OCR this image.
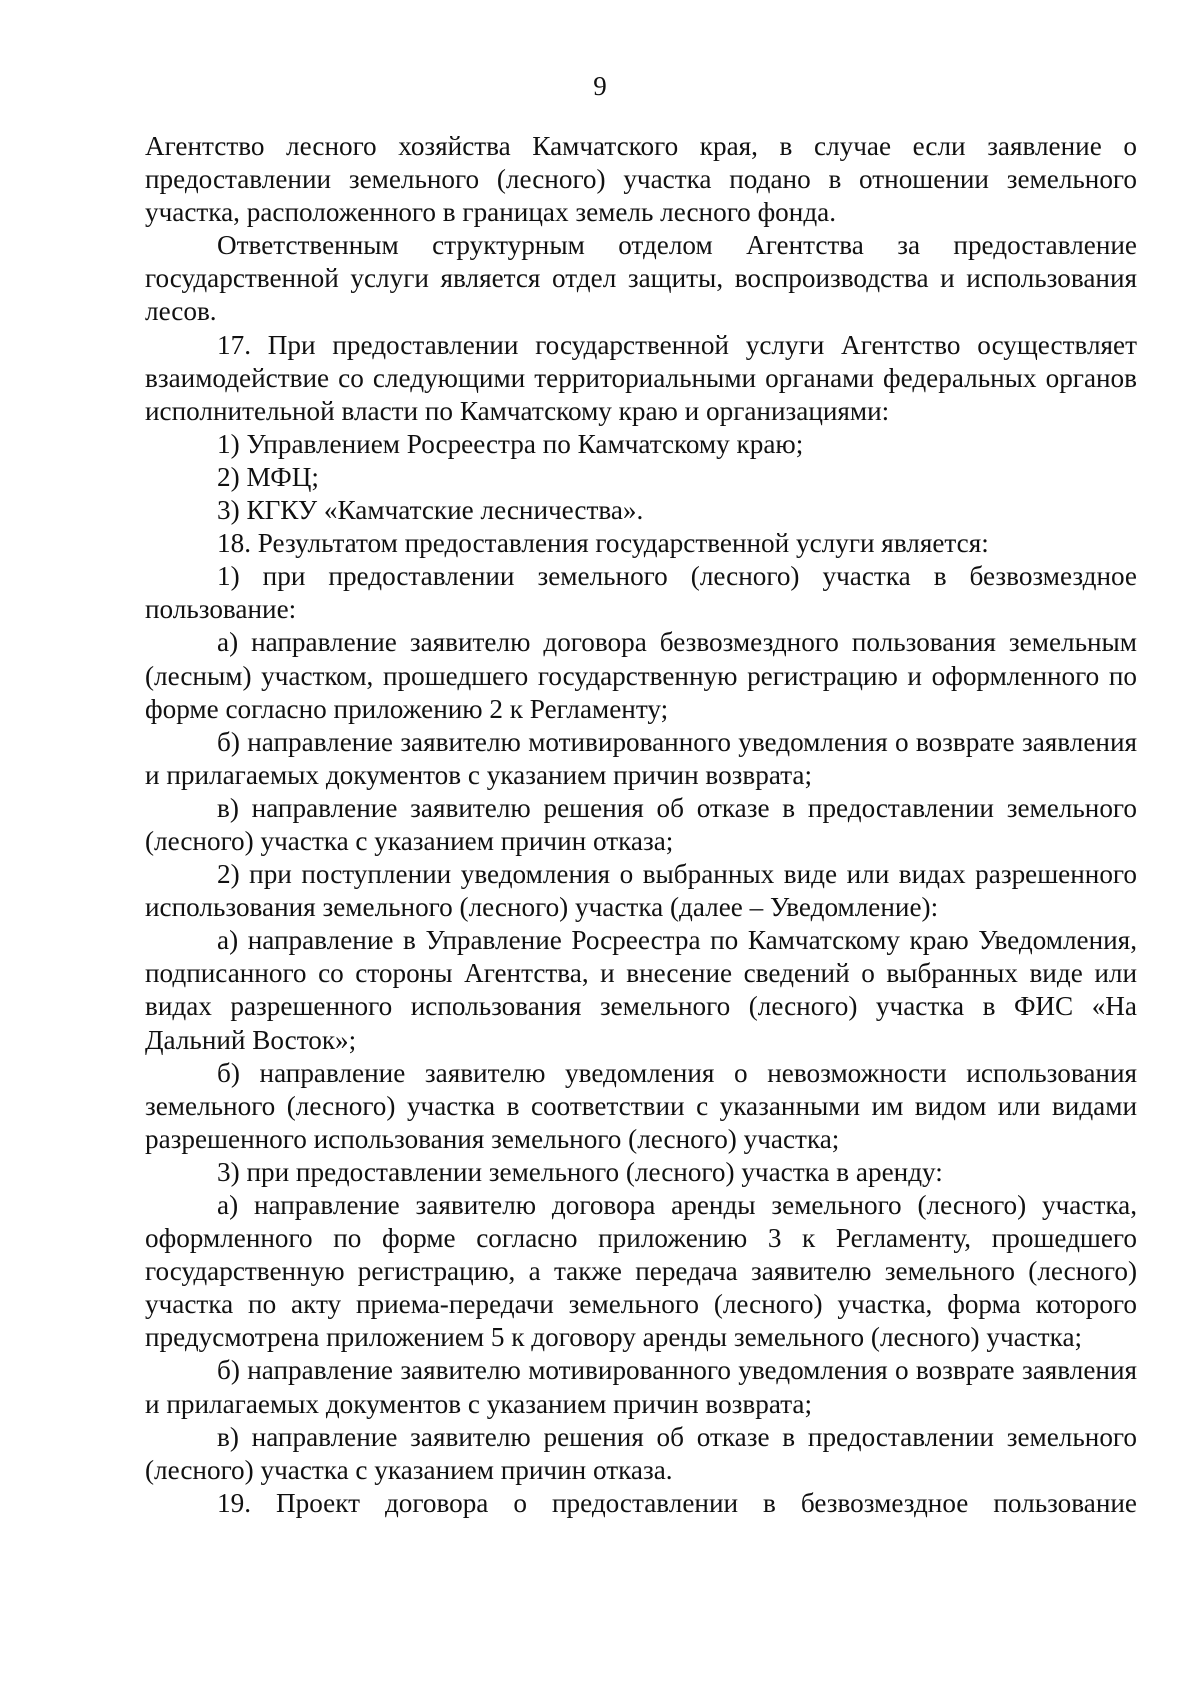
9

Агентство лесного хозяйства Камчатского края, в случае если заявление о предоставлении земельного (лесного) участка подано в отношении земельного участка, расположенного в границах земель лесного фонда.

Ответственным структурным отделом Агентства за предоставление государственной услуги является отдел защиты, воспроизводства и использования лесов.

17. При предоставлении государственной услуги Агентство осуществляет взаимодействие со следующими территориальными органами федеральных органов исполнительной власти по Камчатскому краю и организациями:

1) Управлением Росреестра по Камчатскому краю;

2) МФЦ;

3) КГКУ «Камчатские лесничества».

18. Результатом предоставления государственной услуги является:

1) при предоставлении земельного (лесного) участка в безвозмездное пользование:

а) направление заявителю договора безвозмездного пользования земельным (лесным) участком, прошедшего государственную регистрацию и оформленного по форме согласно приложению 2 к Регламенту;

б) направление заявителю мотивированного уведомления о возврате заявления и прилагаемых документов с указанием причин возврата;

в) направление заявителю решения об отказе в предоставлении земельного (лесного) участка с указанием причин отказа;

2) при поступлении уведомления о выбранных виде или видах разрешенного использования земельного (лесного) участка (далее – Уведомление):

а) направление в Управление Росреестра по Камчатскому краю Уведомления, подписанного со стороны Агентства, и внесение сведений о выбранных виде или видах разрешенного использования земельного (лесного) участка в ФИС «На Дальний Восток»;

б) направление заявителю уведомления о невозможности использования земельного (лесного) участка в соответствии с указанными им видом или видами разрешенного использования земельного (лесного) участка;

3) при предоставлении земельного (лесного) участка в аренду:

а) направление заявителю договора аренды земельного (лесного) участка, оформленного по форме согласно приложению 3 к Регламенту, прошедшего государственную регистрацию, а также передача заявителю земельного (лесного) участка по акту приема-передачи земельного (лесного) участка, форма которого предусмотрена приложением 5 к договору аренды земельного (лесного) участка;

б) направление заявителю мотивированного уведомления о возврате заявления и прилагаемых документов с указанием причин возврата;

в) направление заявителю решения об отказе в предоставлении земельного (лесного) участка с указанием причин отказа.

19. Проект договора о предоставлении в безвозмездное пользование
